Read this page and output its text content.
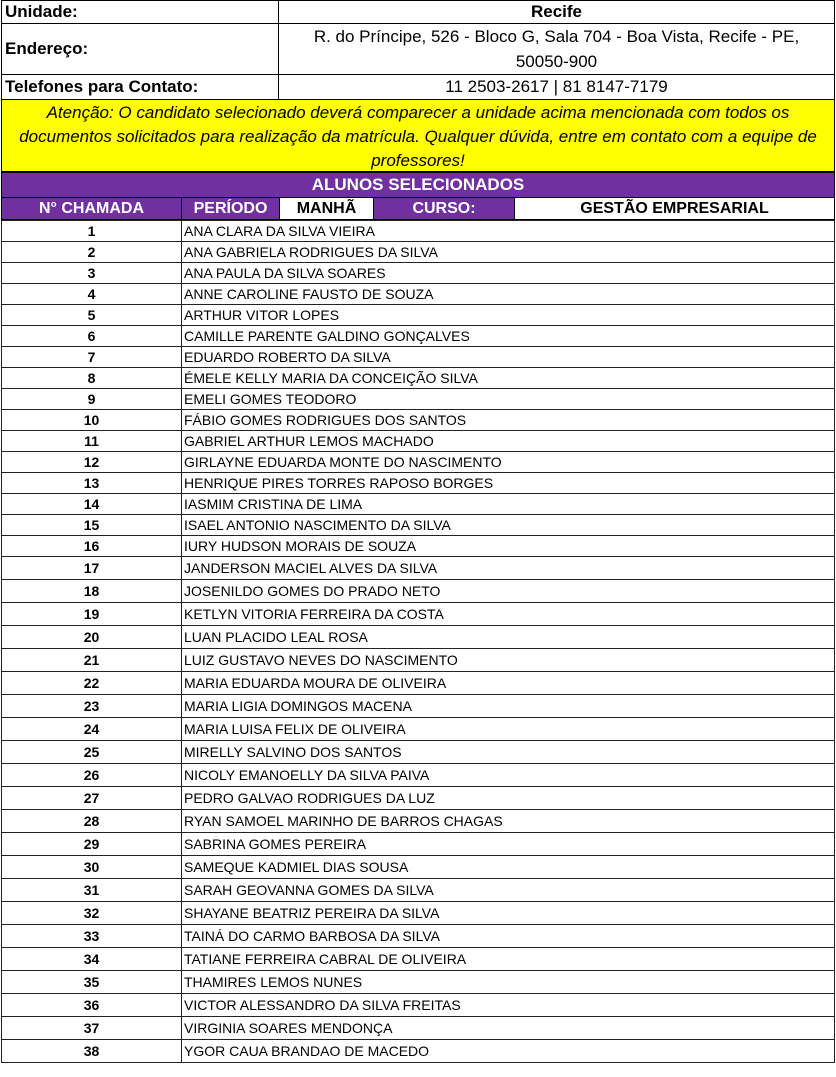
Unidade:	Recife
Endereço:	R. do Príncipe, 526 - Bloco G, Sala 704 - Boa Vista, Recife - PE, 50050-900
Telefones para Contato:	11 2503-2617 | 81 8147-7179
Atenção: O candidato selecionado deverá comparecer a unidade acima mencionada com todos os documentos solicitados para realização da matrícula. Qualquer dúvida, entre em contato com a equipe de professores!
ALUNOS SELECIONADOS
N° CHAMADA	PERÍODO	MANHÃ	CURSO:	GESTÃO EMPRESARIAL
1	ANA CLARA DA SILVA VIEIRA
2	ANA GABRIELA RODRIGUES DA SILVA
3	ANA PAULA DA SILVA SOARES
4	ANNE CAROLINE FAUSTO DE SOUZA
5	ARTHUR VITOR LOPES
6	CAMILLE PARENTE GALDINO GONÇALVES
7	EDUARDO ROBERTO DA SILVA
8	ÉMELE KELLY MARIA DA CONCEIÇÃO SILVA
9	EMELI GOMES TEODORO
10	FÁBIO GOMES RODRIGUES DOS SANTOS
11	GABRIEL ARTHUR LEMOS MACHADO
12	GIRLAYNE EDUARDA MONTE DO NASCIMENTO
13	HENRIQUE PIRES TORRES RAPOSO BORGES
14	IASMIM CRISTINA DE LIMA
15	ISAEL ANTONIO NASCIMENTO DA SILVA
16	IURY HUDSON MORAIS DE SOUZA
17	JANDERSON MACIEL ALVES DA SILVA
18	JOSENILDO GOMES DO PRADO NETO
19	KETLYN VITORIA FERREIRA DA COSTA
20	LUAN PLACIDO LEAL ROSA
21	LUIZ GUSTAVO NEVES DO NASCIMENTO
22	MARIA EDUARDA MOURA DE OLIVEIRA
23	MARIA LIGIA DOMINGOS MACENA
24	MARIA LUISA FELIX DE OLIVEIRA
25	MIRELLY SALVINO DOS SANTOS
26	NICOLY EMANOELLY DA SILVA PAIVA
27	PEDRO GALVAO RODRIGUES DA LUZ
28	RYAN SAMOEL MARINHO DE BARROS CHAGAS
29	SABRINA GOMES PEREIRA
30	SAMEQUE KADMIEL DIAS SOUSA
31	SARAH GEOVANNA GOMES DA SILVA
32	SHAYANE BEATRIZ PEREIRA DA SILVA
33	TAINÁ DO CARMO BARBOSA DA SILVA
34	TATIANE FERREIRA CABRAL DE OLIVEIRA
35	THAMIRES LEMOS NUNES
36	VICTOR ALESSANDRO DA SILVA FREITAS
37	VIRGINIA SOARES MENDONÇA
38	YGOR CAUA BRANDAO DE MACEDO
